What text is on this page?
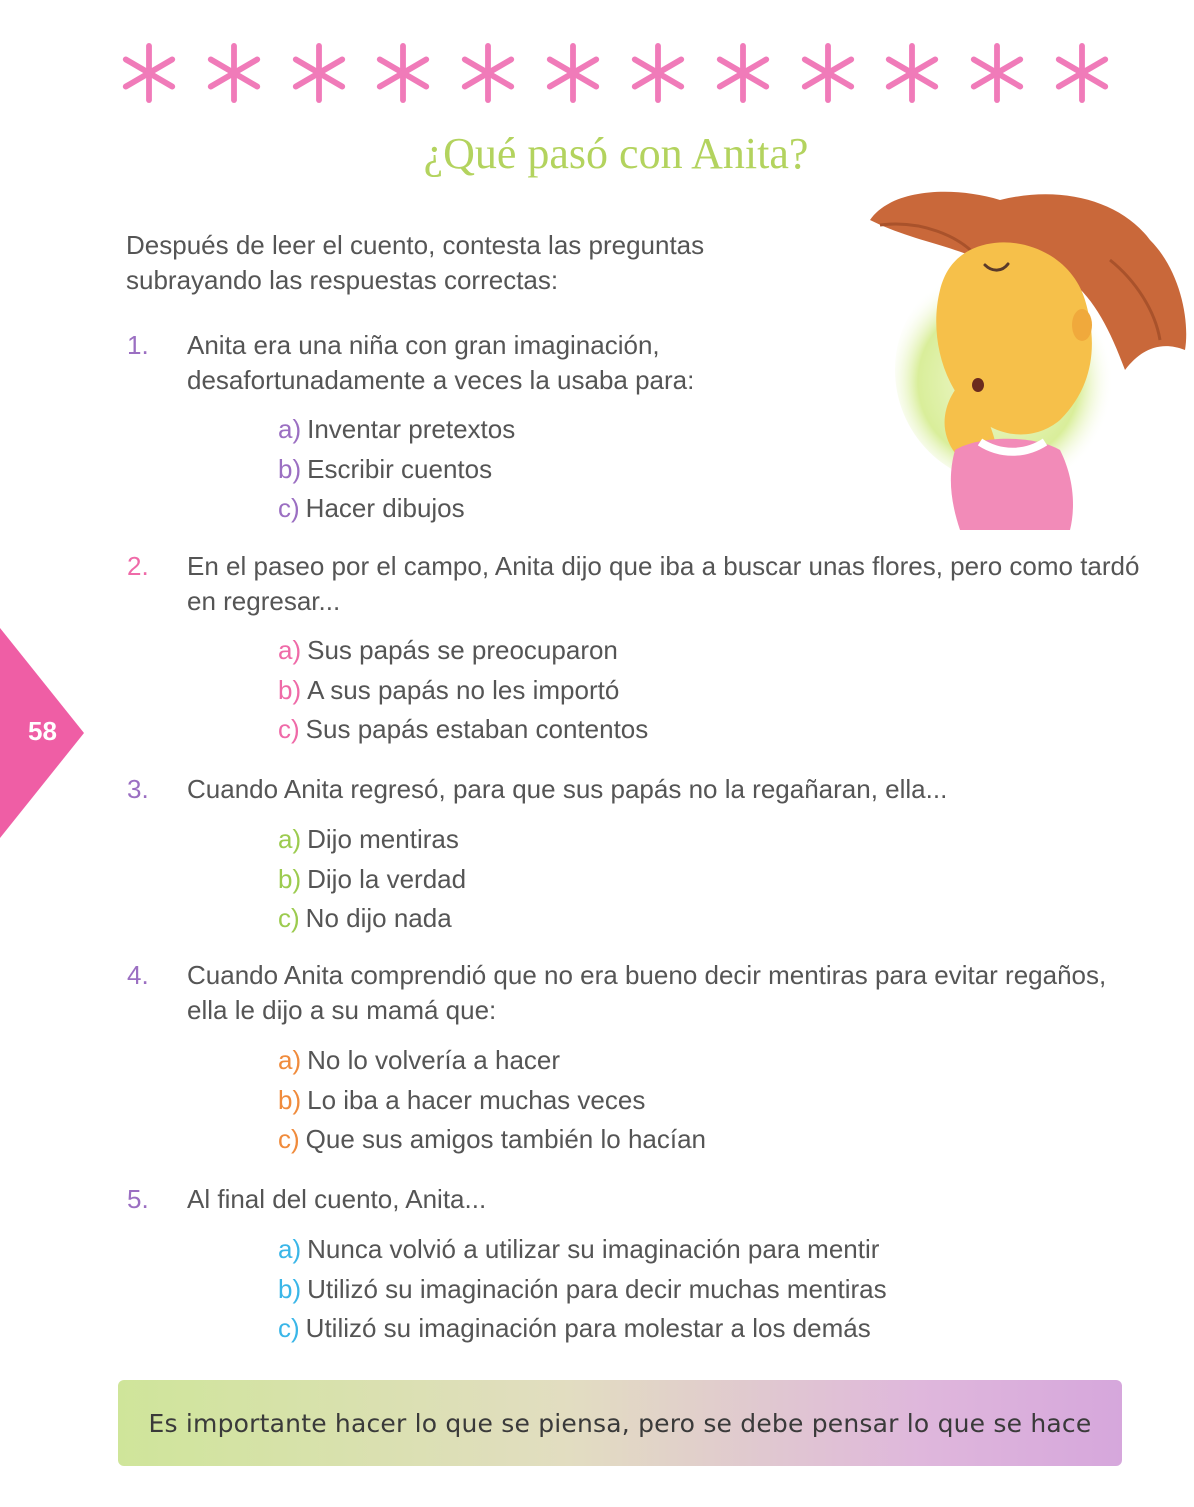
¿Qué pasó con Anita?
58
Después de leer el cuento, contesta las preguntas subrayando las respuestas correctas:
1. Anita era una niña con gran imaginación, desafortunadamente a veces la usaba para:
a) Inventar pretextos
b) Escribir cuentos
c) Hacer dibujos
2. En el paseo por el campo, Anita dijo que iba a buscar unas flores, pero como tardó en regresar...
a) Sus papás se preocuparon
b) A sus papás no les importó
c) Sus papás estaban contentos
3. Cuando Anita regresó, para que sus papás no la regañaran, ella...
a) Dijo mentiras
b) Dijo la verdad
c) No dijo nada
4. Cuando Anita comprendió que no era bueno decir mentiras para evitar regaños, ella le dijo a su mamá que:
a) No lo volvería a hacer
b) Lo iba a hacer muchas veces
c) Que sus amigos también lo hacían
5. Al final del cuento, Anita...
a) Nunca volvió a utilizar su imaginación para mentir
b) Utilizó su imaginación para decir muchas mentiras
c) Utilizó su imaginación para molestar a los demás
Es importante hacer lo que se piensa, pero se debe pensar lo que se hace
